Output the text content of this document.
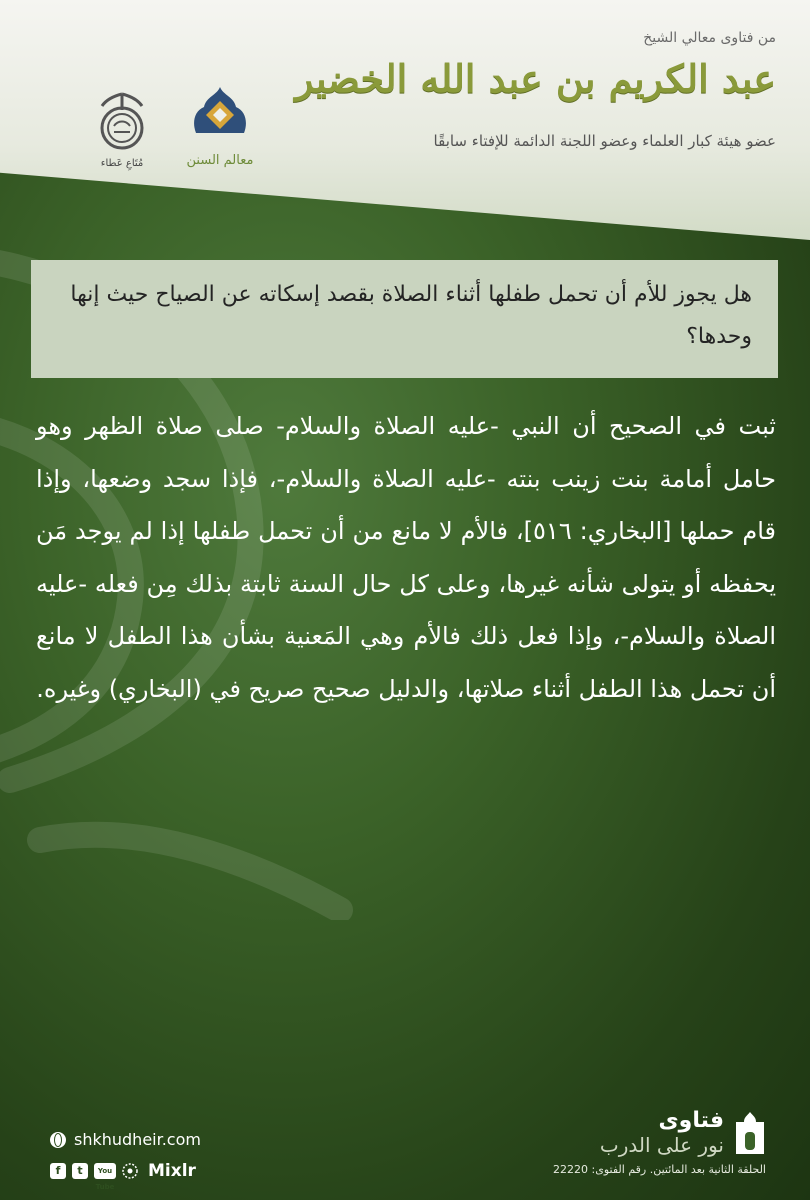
من فتاوى معالي الشيخ
عبد الكريم بن عبد الله الخضير
عضو هيئة كبار العلماء وعضو اللجنة الدائمة للإفتاء سابقًا
معالم السنن
مُتَاعِ عَطاء
هل يجوز للأم أن تحمل طفلها أثناء الصلاة بقصد إسكاته عن الصياح حيث إنها وحدها؟
ثبت في الصحيح أن النبي -عليه الصلاة والسلام- صلى صلاة الظهر وهو حامل أمامة بنت زينب بنته -عليه الصلاة والسلام-، فإذا سجد وضعها، وإذا قام حملها [البخاري: ٥١٦]، فالأم لا مانع من أن تحمل طفلها إذا لم يوجد مَن يحفظه أو يتولى شأنه غيرها، وعلى كل حال السنة ثابتة بذلك مِن فعله -عليه الصلاة والسلام-، وإذا فعل ذلك فالأم وهي المَعنية بشأن هذا الطفل لا مانع أن تحمل هذا الطفل أثناء صلاتها، والدليل صحيح صريح في (البخاري) وغيره.
shkhudheir.com
f	t	You Tube
Mixlr
فتاوى
نور على الدرب
الحلقة الثانية بعد المائتين. رقم الفتوى: 22220
